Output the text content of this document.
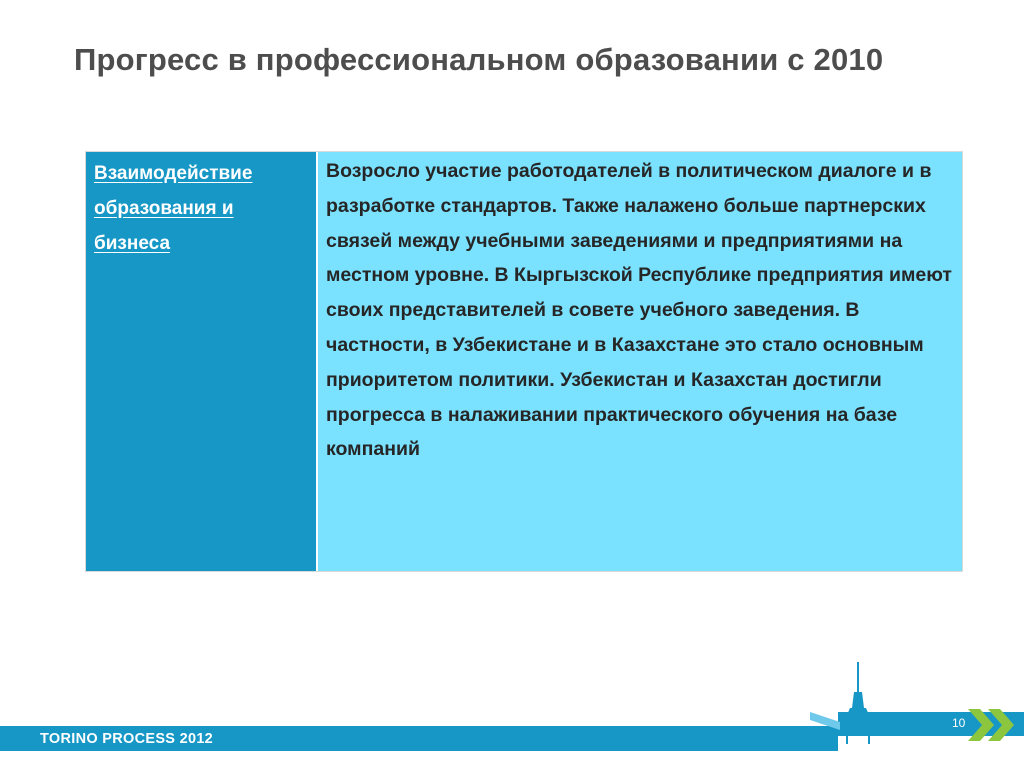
Прогресс в профессиональном образовании с 2010
Взаимодействие
образования и
бизнеса

Возросло участие работодателей в политическом диалоге и в разработке стандартов. Также налажено больше партнерских связей между учебными заведениями и предприятиями на местном уровне. В Кыргызской Республике предприятия имеют своих представителей в совете учебного заведения. В частности, в Узбекистане и в Казахстане это стало основным приоритетом политики. Узбекистан и Казахстан достигли прогресса в налаживании практического обучения на базе компаний

TORINO PROCESS 2012
10
